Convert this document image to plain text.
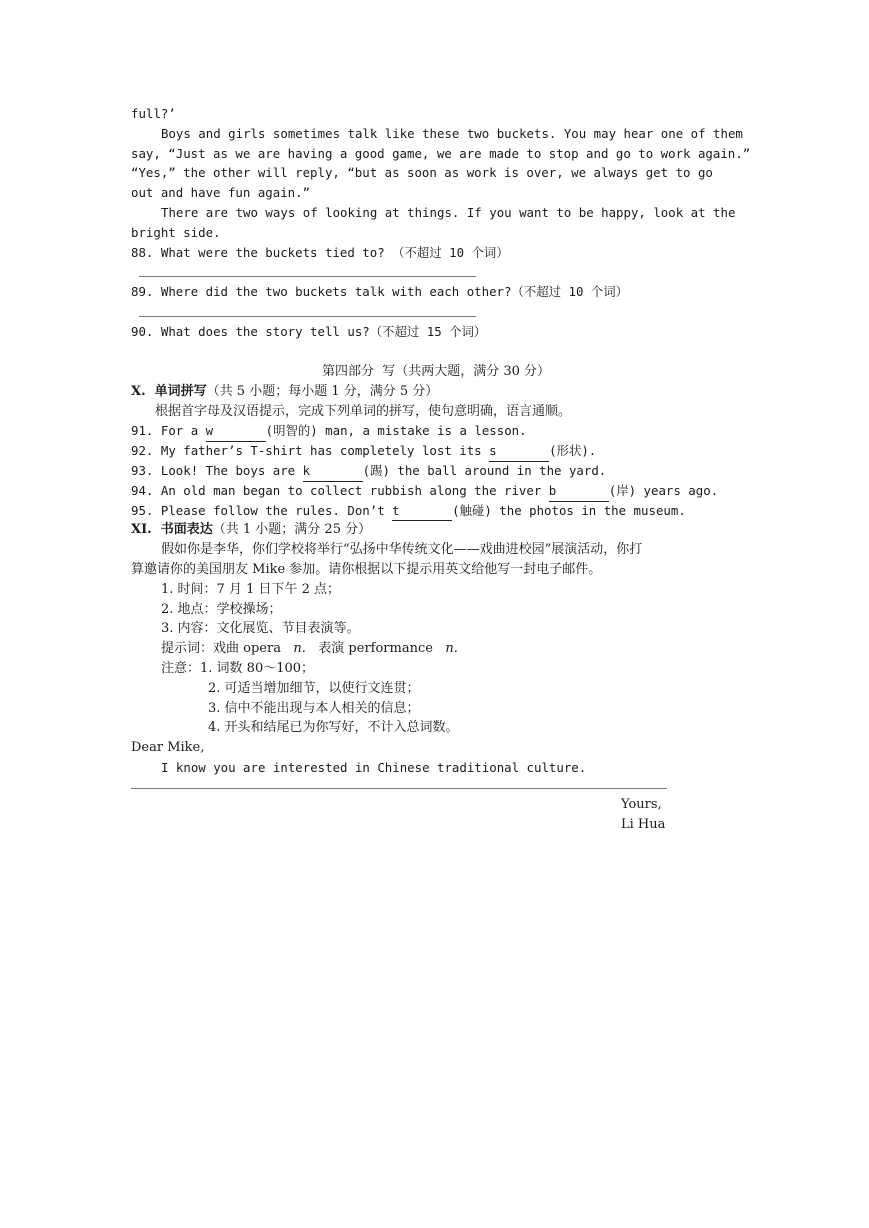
full?’
Boys and girls sometimes talk like these two buckets. You may hear one of them
say, “Just as we are having a good game, we are made to stop and go to work again.”
“Yes,” the other will reply, “but as soon as work is over, we always get to go
out and have fun again.”
There are two ways of looking at things. If you want to be happy, look at the
bright side.
88. What were the buckets tied to? （不超过 10 个词）
89. Where did the two buckets talk with each other?（不超过 10 个词）
90. What does the story tell us?（不超过 15 个词）
第四部分  写（共两大题，满分 30 分）
X.  单词拼写（共 5 小题；每小题 1 分，满分 5 分）
根据首字母及汉语提示，完成下列单词的拼写，使句意明确，语言通顺。
91. For a w	(明智的) man, a mistake is a lesson.
92. My father’s T-shirt has completely lost its s	(形状).
93. Look! The boys are k	(踢) the ball around in the yard.
94. An old man began to collect rubbish along the river b	(岸) years ago.
95. Please follow the rules. Don’t t	(触碰) the photos in the museum.
XI.  书面表达（共 1 小题；满分 25 分）
假如你是李华，你们学校将举行“弘扬中华传统文化——戏曲进校园”展演活动，你打
算邀请你的美国朋友 Mike 参加。请你根据以下提示用英文给他写一封电子邮件。
1. 时间：7 月 1 日下午 2 点；
2. 地点：学校操场；
3. 内容：文化展览、节目表演等。
提示词：戏曲 opera n. 表演 performance n.
注意：1. 词数 80～100；
2. 可适当增加细节，以使行文连贯；
3. 信中不能出现与本人相关的信息；
4. 开头和结尾已为你写好，不计入总词数。
Dear Mike,
I know you are interested in Chinese traditional culture.
Yours,
Li Hua
